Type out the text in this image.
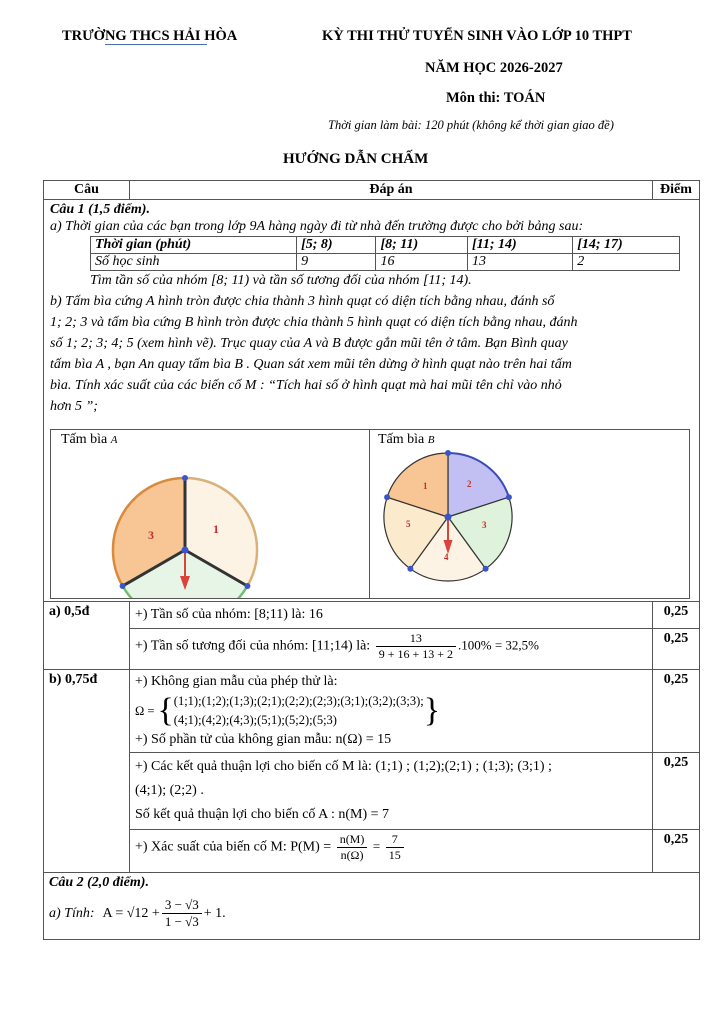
TRƯỜNG THCS HẢI HÒA	KỲ THI THỬ TUYỂN SINH VÀO LỚP 10 THPT
NĂM HỌC 2026-2027
Môn thi: TOÁN
Thời gian làm bài: 120 phút (không kể thời gian giao đề)
HƯỚNG DẪN CHẤM
Câu	Đáp án	Điểm

Câu 1 (1,5 điểm).
a) Thời gian của các bạn trong lớp 9A hàng ngày đi từ nhà đến trường được cho bởi bảng sau:
Thời gian (phút)	[5; 8)	[8; 11)	[11; 14)	[14; 17)
Số học sinh	9	16	13	2
Tìm tần số của nhóm [8; 11) và tần số tương đối của nhóm [11; 14).
b) Tấm bìa cứng A hình tròn được chia thành 3 hình quạt có diện tích bằng nhau, đánh số
1; 2; 3 và tấm bìa cứng B hình tròn được chia thành 5 hình quạt có diện tích bằng nhau, đánh
số 1; 2; 3; 4; 5 (xem hình vẽ). Trục quay của A và B được gắn mũi tên ở tâm. Bạn Bình quay
tấm bìa A , bạn An quay tấm bìa B . Quan sát xem mũi tên dừng ở hình quạt nào trên hai tấm
bìa. Tính xác suất của các biến cố M : “Tích hai số ở hình quạt mà hai mũi tên chỉ vào nhỏ
hơn 5 ”;
Tấm bìa A
1
3
Tấm bìa B
1	2
3
4
5

a) 0,5đ	+) Tần số của nhóm: [8;11) là: 16	0,25
+) Tần số tương đối của nhóm: [11;14) là: $\frac{13}{9 + 16 + 13 + 2} .100\% = 32,5\%$	0,25
b) 0,75đ	+) Không gian mẫu của phép thử là:
Ω = { (1;1);(1;2);(1;3);(2;1);(2;2);(2;3);(3;1);(3;2);(3;3);
(4;1);(4;2);(4;3);(5;1);(5;2);(5;3)	}
+) Số phần tử của không gian mẫu: n(Ω) = 15
	0,25

+) Các kết quả thuận lợi cho biến cố M là: (1;1) ; (1;2);(2;1) ; (1;3); (3;1) ;
(4;1); (2;2) .
Số kết quả thuận lợi cho biến cố A : n(M) = 7
	0,25
+) Xác suất của biến cố M: $P(M) = \frac{n(M)}{n(\Omega)} = \frac{7}{15}$	0,25

Câu 2 (2,0 điểm).
a) Tính: $A = √12 + \frac{3 - √3}{1 - √3} + 1$.
